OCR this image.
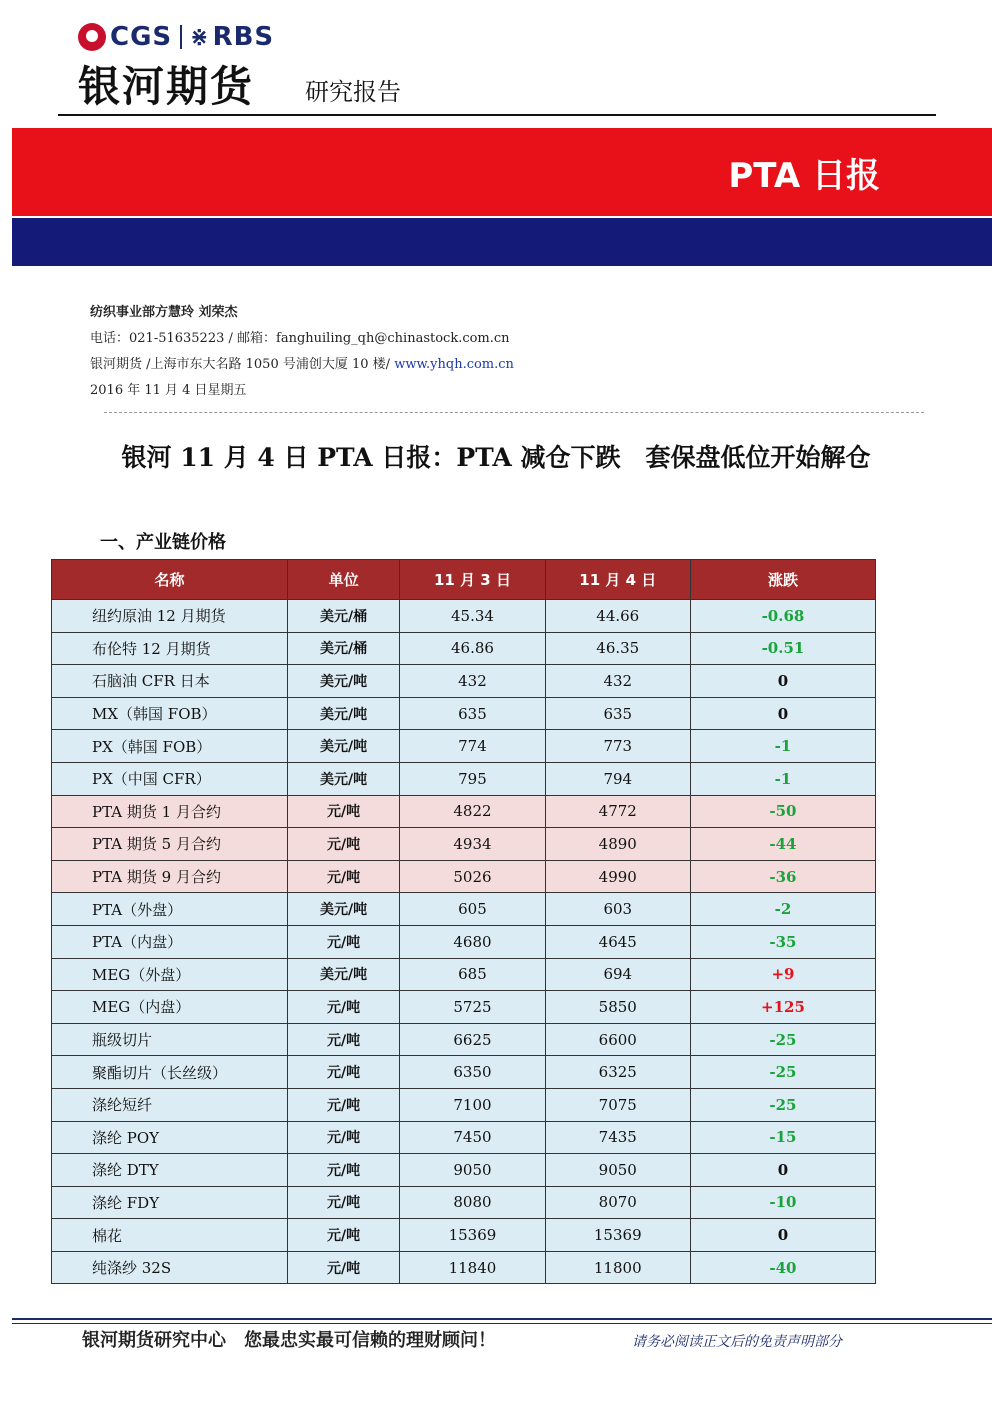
CGS ⋇ RBS
银河期货 研究报告
PTA 日报
纺织事业部方慧玲 刘荣杰
电话：021-51635223 / 邮箱：fanghuiling_qh@chinastock.com.cn
银河期货 /上海市东大名路 1050 号浦创大厦 10 楼/ www.yhqh.com.cn
2016 年 11 月 4 日星期五
银河 11 月 4 日 PTA 日报：PTA 减仓下跌　套保盘低位开始解仓
一、产业链价格
名称	单位	11 月 3 日	11 月 4 日	涨跌
纽约原油 12 月期货	美元/桶	45.34	44.66	-0.68
布伦特 12 月期货	美元/桶	46.86	46.35	-0.51
石脑油 CFR 日本	美元/吨	432	432	0
MX（韩国 FOB）	美元/吨	635	635	0
PX（韩国 FOB）	美元/吨	774	773	-1
PX（中国 CFR）	美元/吨	795	794	-1
PTA 期货 1 月合约	元/吨	4822	4772	-50
PTA 期货 5 月合约	元/吨	4934	4890	-44
PTA 期货 9 月合约	元/吨	5026	4990	-36
PTA（外盘）	美元/吨	605	603	-2
PTA（内盘）	元/吨	4680	4645	-35
MEG（外盘）	美元/吨	685	694	+9
MEG（内盘）	元/吨	5725	5850	+125
瓶级切片	元/吨	6625	6600	-25
聚酯切片（长丝级）	元/吨	6350	6325	-25
涤纶短纤	元/吨	7100	7075	-25
涤纶 POY	元/吨	7450	7435	-15
涤纶 DTY	元/吨	9050	9050	0
涤纶 FDY	元/吨	8080	8070	-10
棉花	元/吨	15369	15369	0
纯涤纱 32S	元/吨	11840	11800	-40
银河期货研究中心　您最忠实最可信赖的理财顾问！	请务必阅读正文后的免责声明部分
